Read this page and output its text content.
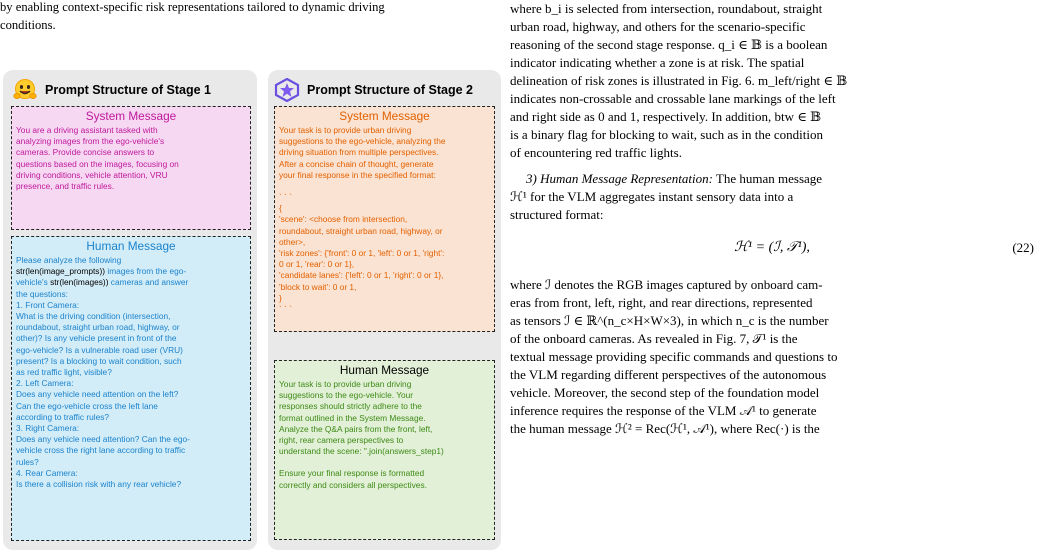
by enabling context-specific risk representations tailored to dynamic driving
conditions.
Prompt Structure of Stage 1
System Message

You are a driving assistant tasked with

analyzing images from the ego-vehicle's

cameras. Provide concise answers to

questions based on the images, focusing on

driving conditions, vehicle attention, VRU

presence, and traffic rules.

Human Message

Please analyze the following

str(len(image_prompts)) images from the ego-

vehicle's str(len(images)) cameras and answer

the questions:

1. Front Camera:

What is the driving condition (intersection,

roundabout, straight urban road, highway, or

other)? Is any vehicle present in front of the

ego-vehicle? Is a vulnerable road user (VRU)

present? Is a blocking to wait condition, such

as red traffic light, visible?

2. Left Camera:

Does any vehicle need attention on the left?

Can the ego-vehicle cross the left lane

according to traffic rules?

3. Right Camera:

Does any vehicle need attention? Can the ego-

vehicle cross the right lane according to traffic

rules?

4. Rear Camera:

Is there a collision risk with any rear vehicle?

Prompt Structure of Stage 2
System Message

Your task is to provide urban driving

suggestions to the ego-vehicle, analyzing the

driving situation from multiple perspectives.

After a concise chain of thought, generate

your final response in the specified format:

` ` `

{

'scene': <choose from intersection,

roundabout, straight urban road, highway, or

other>,

'risk zones': {'front': 0 or 1, 'left': 0 or 1, 'right':

0 or 1, 'rear': 0 or 1},

'candidate lanes': {'left': 0 or 1, 'right': 0 or 1},

'block to wait': 0 or 1,

}

` ` `

Human Message

Your task is to provide urban driving

suggestions to the ego-vehicle. Your

responses should strictly adhere to the

format outlined in the System Message.

Analyze the Q&A pairs from the front, left,

right, rear camera perspectives to

understand the scene: ".join(answers_step1)

Ensure your final response is formatted

correctly and considers all perspectives.

where b_i is selected from intersection, roundabout, straight

urban road, highway, and others for the scenario-specific

reasoning of the second stage response. q_i ∈ 𝔹 is a boolean

indicator indicating whether a zone is at risk. The spatial

delineation of risk zones is illustrated in Fig. 6. m_left/right ∈ 𝔹

indicates non-crossable and crossable lane markings of the left

and right side as 0 and 1, respectively. In addition, btw ∈ 𝔹

is a binary flag for blocking to wait, such as in the condition

of encountering red traffic lights.

3) Human Message Representation: The human message

ℋ¹ for the VLM aggregates instant sensory data into a

structured format:

ℋ¹ = (ℐ, 𝒯¹),	(22)

where ℐ denotes the RGB images captured by onboard cam-

eras from front, left, right, and rear directions, represented

as tensors ℐ ∈ ℝ^(n_c×H×W×3), in which n_c is the number

of the onboard cameras. As revealed in Fig. 7, 𝒯¹ is the

textual message providing specific commands and questions to

the VLM regarding different perspectives of the autonomous

vehicle. Moreover, the second step of the foundation model

inference requires the response of the VLM 𝒜¹ to generate

the human message ℋ² = Rec(ℋ¹, 𝒜¹), where Rec(·) is the
